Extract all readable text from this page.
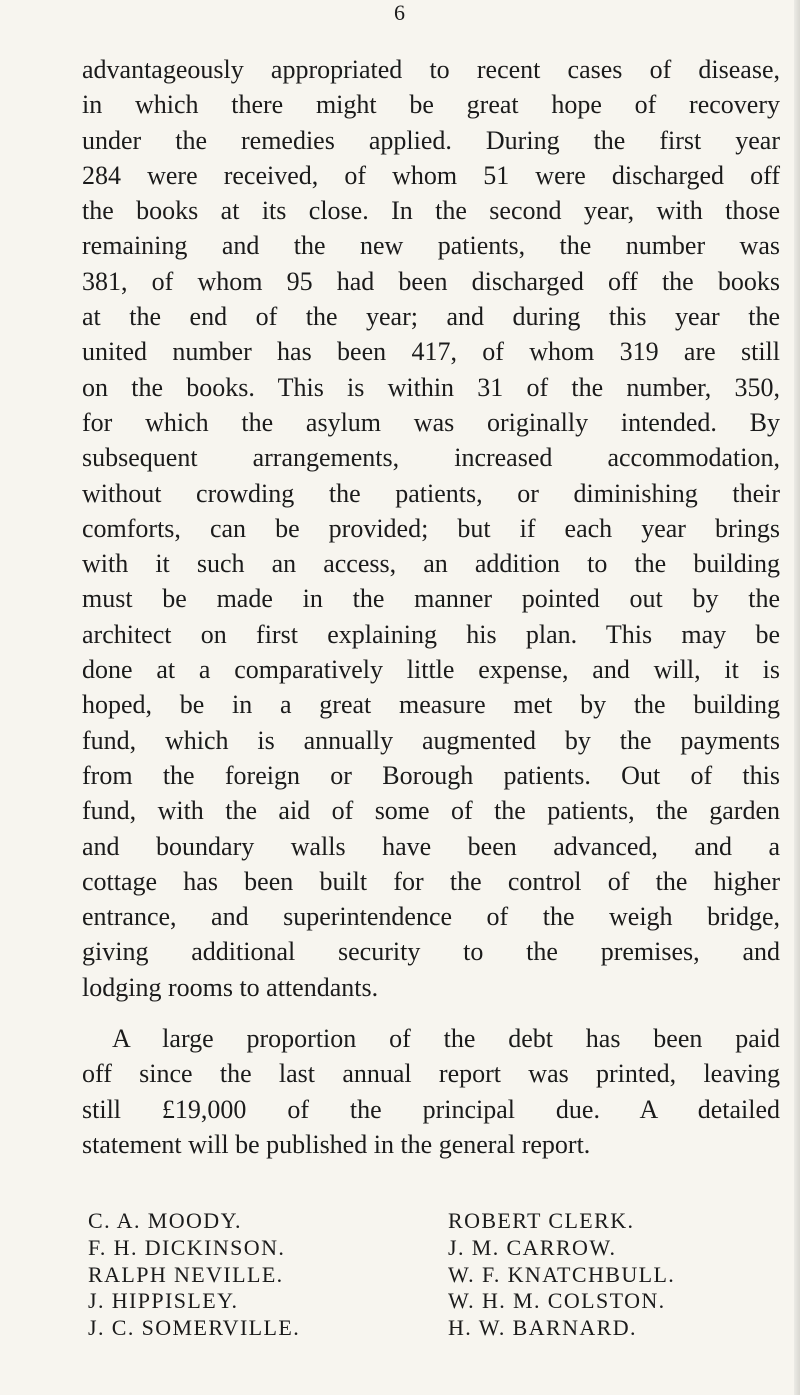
6

advantageously appropriated to recent cases of disease,
in which there might be great hope of recovery
under the remedies applied. During the first year
284 were received, of whom 51 were discharged off
the books at its close. In the second year, with those
remaining and the new patients, the number was
381, of whom 95 had been discharged off the books
at the end of the year; and during this year the
united number has been 417, of whom 319 are still
on the books. This is within 31 of the number, 350,
for which the asylum was originally intended. By
subsequent arrangements, increased accommodation,
without crowding the patients, or diminishing their
comforts, can be provided; but if each year brings
with it such an access, an addition to the building
must be made in the manner pointed out by the
architect on first explaining his plan. This may be
done at a comparatively little expense, and will, it is
hoped, be in a great measure met by the building
fund, which is annually augmented by the payments
from the foreign or Borough patients. Out of this
fund, with the aid of some of the patients, the garden
and boundary walls have been advanced, and a
cottage has been built for the control of the higher
entrance, and superintendence of the weigh bridge,
giving additional security to the premises, and
lodging rooms to attendants.

A large proportion of the debt has been paid
off since the last annual report was printed, leaving
still £19,000 of the principal due. A detailed
statement will be published in the general report.

C. A. MOODY.
F. H. DICKINSON.
RALPH NEVILLE.
J. HIPPISLEY.
J. C. SOMERVILLE.
ROBERT CLERK.
J. M. CARROW.
W. F. KNATCHBULL.
W. H. M. COLSTON.
H. W. BARNARD.
